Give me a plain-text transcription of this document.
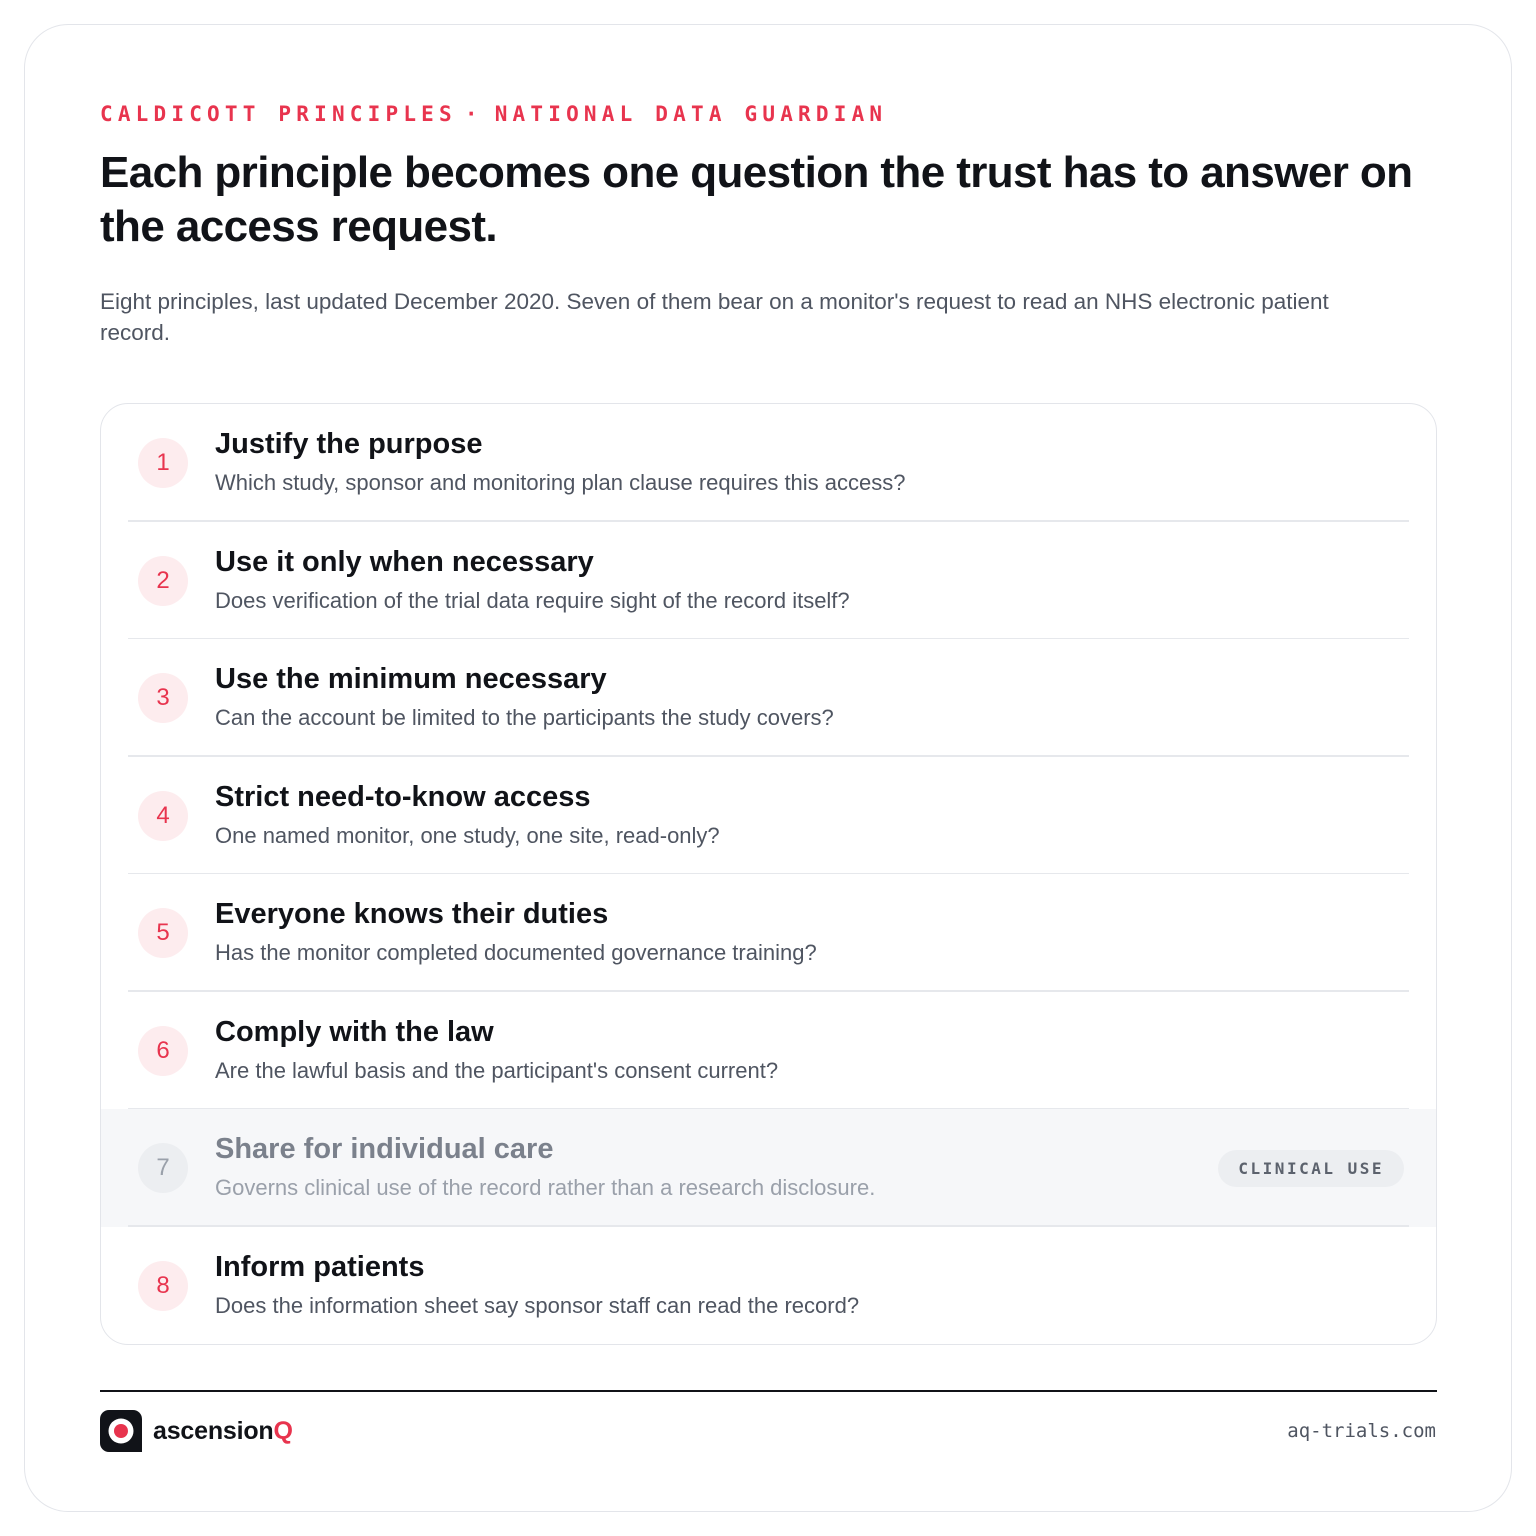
CALDICOTT PRINCIPLES · NATIONAL DATA GUARDIAN
Each principle becomes one question the trust has to answer on the access request.

Eight principles, last updated December 2020. Seven of them bear on a monitor's request to read an NHS electronic patient record.

1
Justify the purpose
Which study, sponsor and monitoring plan clause requires this access?
2
Use it only when necessary
Does verification of the trial data require sight of the record itself?
3
Use the minimum necessary
Can the account be limited to the participants the study covers?
4
Strict need-to-know access
One named monitor, one study, one site, read-only?
5
Everyone knows their duties
Has the monitor completed documented governance training?
6
Comply with the law
Are the lawful basis and the participant's consent current?
7
Share for individual care
Governs clinical use of the record rather than a research disclosure.
CLINICAL USE
8
Inform patients
Does the information sheet say sponsor staff can read the record?
ascensionQ	aq-trials.com
